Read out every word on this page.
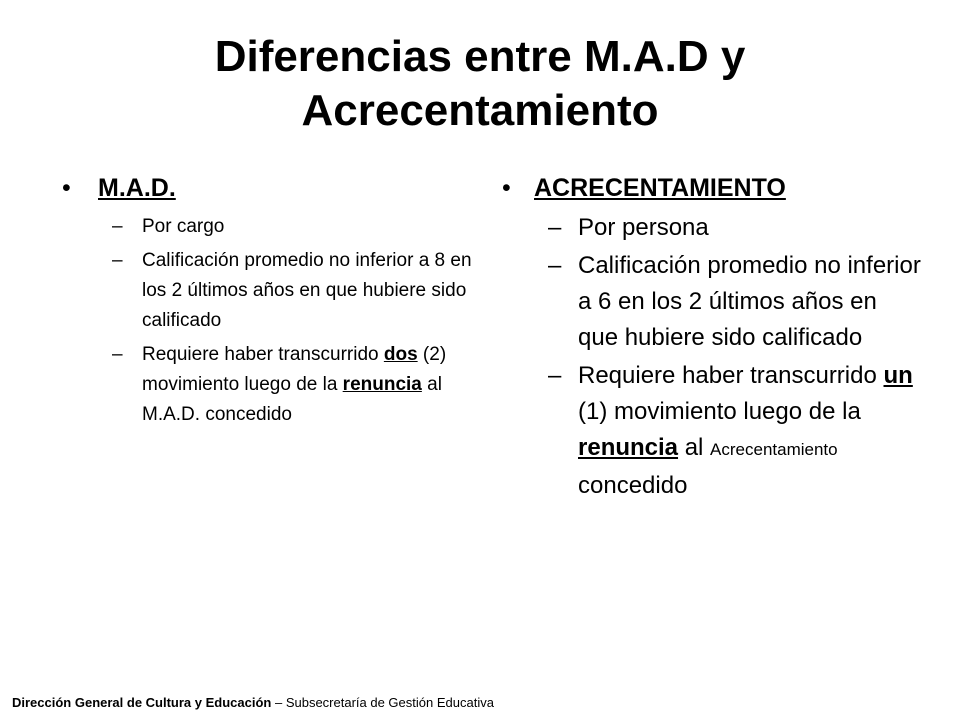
Diferencias entre M.A.D y
Acrecentamiento
• M.A.D.
– Por cargo
– Calificación promedio no inferior a 8 en los 2 últimos años en que hubiere sido calificado
– Requiere haber transcurrido dos (2) movimiento luego de la renuncia al M.A.D. concedido
• ACRECENTAMIENTO
– Por persona
– Calificación promedio no inferior a 6 en los 2 últimos años en que hubiere sido calificado
– Requiere haber transcurrido un (1) movimiento luego de la renuncia al Acrecentamiento concedido
Dirección General de Cultura y Educación – Subsecretaría de Gestión Educativa
